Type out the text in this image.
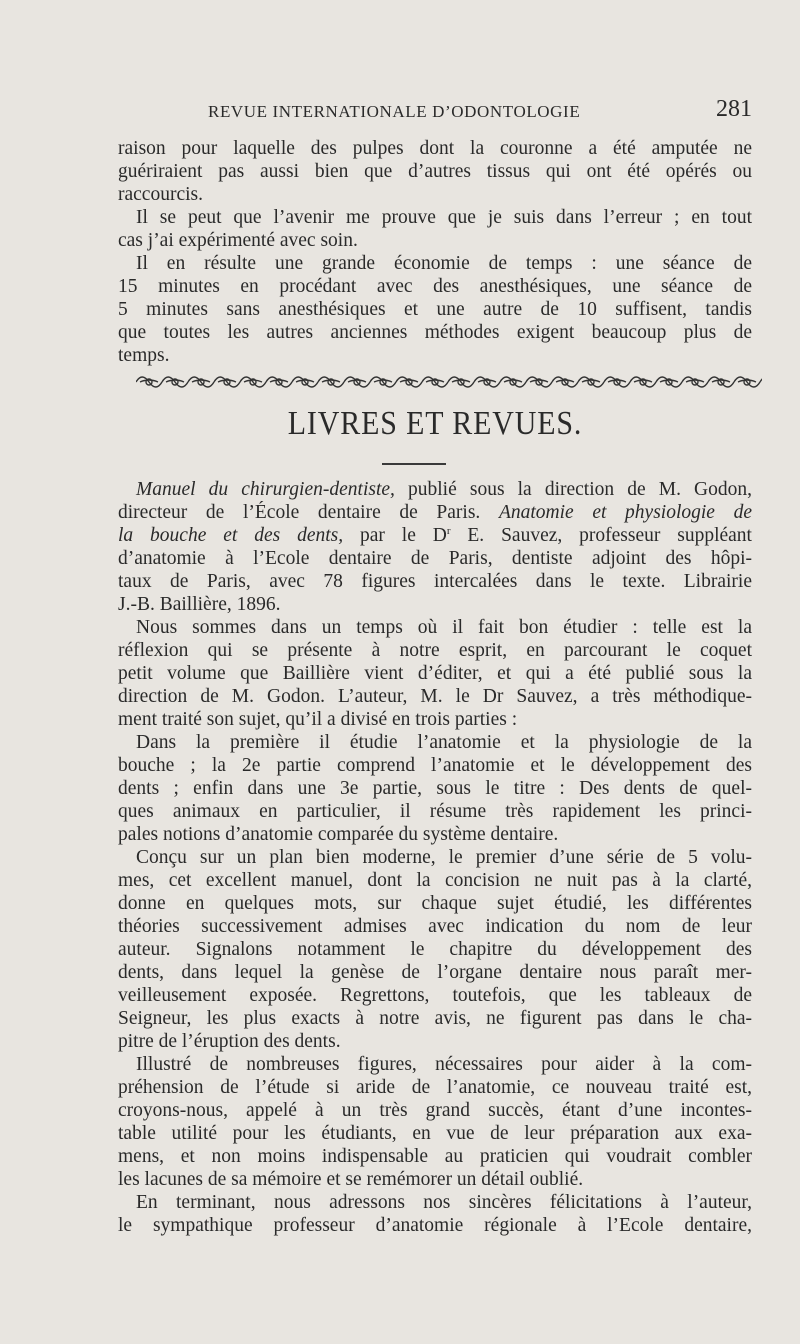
REVUE INTERNATIONALE D’ODONTOLOGIE	281
raison pour laquelle des pulpes dont la couronne a été amputée ne
guériraient pas aussi bien que d’autres tissus qui ont été opérés ou
raccourcis.
Il se peut que l’avenir me prouve que je suis dans l’erreur ; en tout
cas j’ai expérimenté avec soin.
Il en résulte une grande économie de temps : une séance de
15 minutes en procédant avec des anesthésiques, une séance de
5 minutes sans anesthésiques et une autre de 10 suffisent, tandis
que toutes les autres anciennes méthodes exigent beaucoup plus de
temps.
LIVRES ET REVUES.
Manuel du chirurgien-dentiste, publié sous la direction de M. Godon,
directeur de l’École dentaire de Paris. Anatomie et physiologie de
la bouche et des dents, par le $D^r$ E. Sauvez, professeur suppléant
d’anatomie à l’Ecole dentaire de Paris, dentiste adjoint des hôpi-
taux de Paris, avec 78 figures intercalées dans le texte. Librairie
J.-B. Baillière, 1896.
Nous sommes dans un temps où il fait bon étudier : telle est la
réflexion qui se présente à notre esprit, en parcourant le coquet
petit volume que Baillière vient d’éditer, et qui a été publié sous la
direction de M. Godon. L’auteur, M. le Dr Sauvez, a très méthodique-
ment traité son sujet, qu’il a divisé en trois parties :
Dans la première il étudie l’anatomie et la physiologie de la
bouche ; la 2e partie comprend l’anatomie et le développement des
dents ; enfin dans une 3e partie, sous le titre : Des dents de quel-
ques animaux en particulier, il résume très rapidement les princi-
pales notions d’anatomie comparée du système dentaire.
Conçu sur un plan bien moderne, le premier d’une série de 5 volu-
mes, cet excellent manuel, dont la concision ne nuit pas à la clarté,
donne en quelques mots, sur chaque sujet étudié, les différentes
théories successivement admises avec indication du nom de leur
auteur. Signalons notamment le chapitre du développement des
dents, dans lequel la genèse de l’organe dentaire nous paraît mer-
veilleusement exposée. Regrettons, toutefois, que les tableaux de
Seigneur, les plus exacts à notre avis, ne figurent pas dans le cha-
pitre de l’éruption des dents.
Illustré de nombreuses figures, nécessaires pour aider à la com-
préhension de l’étude si aride de l’anatomie, ce nouveau traité est,
croyons-nous, appelé à un très grand succès, étant d’une incontes-
table utilité pour les étudiants, en vue de leur préparation aux exa-
mens, et non moins indispensable au praticien qui voudrait combler
les lacunes de sa mémoire et se remémorer un détail oublié.
En terminant, nous adressons nos sincères félicitations à l’auteur,
le sympathique professeur d’anatomie régionale à l’Ecole dentaire,
